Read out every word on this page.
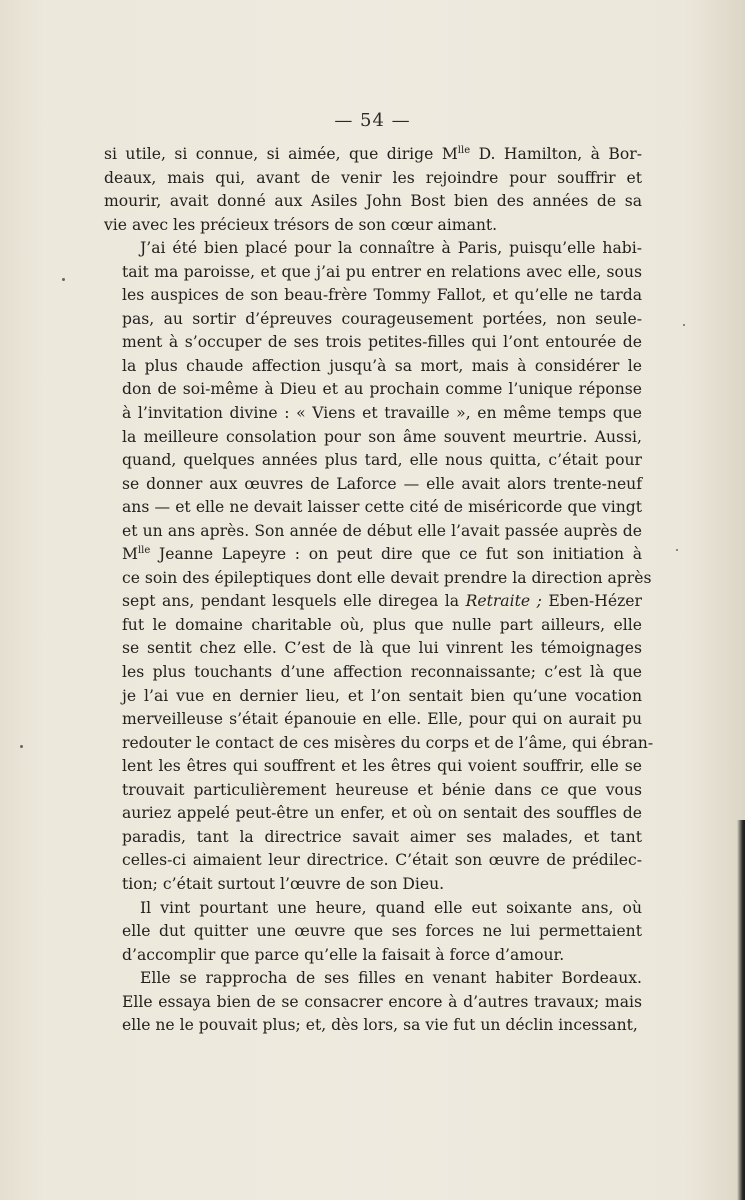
— 54 —

si utile, si connue, si aimée, que dirige $M^{lle}$ D. Hamilton, à Bor-
deaux, mais qui, avant de venir les rejoindre pour souffrir et
mourir, avait donné aux Asiles John Bost bien des années de sa
vie avec les précieux trésors de son cœur aimant.

J’ai été bien placé pour la connaître à Paris, puisqu’elle habi-
tait ma paroisse, et que j’ai pu entrer en relations avec elle, sous
les auspices de son beau-frère Tommy Fallot, et qu’elle ne tarda
pas, au sortir d’épreuves courageusement portées, non seule-
ment à s’occuper de ses trois petites-filles qui l’ont entourée de
la plus chaude affection jusqu’à sa mort, mais à considérer le
don de soi-même à Dieu et au prochain comme l’unique réponse
à l’invitation divine : « Viens et travaille », en même temps que
la meilleure consolation pour son âme souvent meurtrie. Aussi,
quand, quelques années plus tard, elle nous quitta, c’était pour
se donner aux œuvres de Laforce — elle avait alors trente-neuf
ans — et elle ne devait laisser cette cité de miséricorde que vingt
et un ans après. Son année de début elle l’avait passée auprès de
$M^{lle}$ Jeanne Lapeyre : on peut dire que ce fut son initiation à
ce soin des épileptiques dont elle devait prendre la direction après
sept ans, pendant lesquels elle diregea la Retraite ; Eben-Hézer
fut le domaine charitable où, plus que nulle part ailleurs, elle
se sentit chez elle. C’est de là que lui vinrent les témoignages
les plus touchants d’une affection reconnaissante; c’est là que
je l’ai vue en dernier lieu, et l’on sentait bien qu’une vocation
merveilleuse s’était épanouie en elle. Elle, pour qui on aurait pu
redouter le contact de ces misères du corps et de l’âme, qui ébran-
lent les êtres qui souffrent et les êtres qui voient souffrir, elle se
trouvait particulièrement heureuse et bénie dans ce que vous
auriez appelé peut-être un enfer, et où on sentait des souffles de
paradis, tant la directrice savait aimer ses malades, et tant
celles-ci aimaient leur directrice. C’était son œuvre de prédilec-
tion; c’était surtout l’œuvre de son Dieu.

Il vint pourtant une heure, quand elle eut soixante ans, où
elle dut quitter une œuvre que ses forces ne lui permettaient
d’accomplir que parce qu’elle la faisait à force d’amour.

Elle se rapprocha de ses filles en venant habiter Bordeaux.
Elle essaya bien de se consacrer encore à d’autres travaux; mais
elle ne le pouvait plus; et, dès lors, sa vie fut un déclin incessant,
